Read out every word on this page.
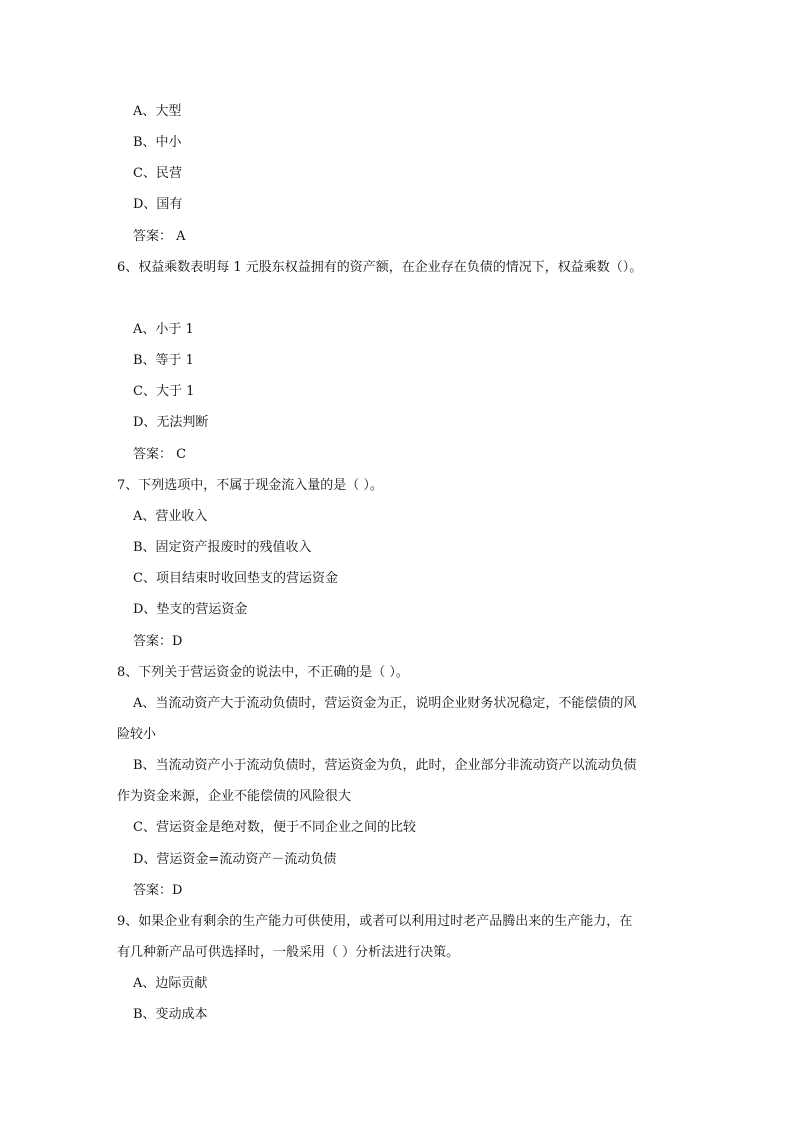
A、大型
B、中小
C、民营
D、国有
答案： A
6、权益乘数表明每 1 元股东权益拥有的资产额，在企业存在负债的情况下，权益乘数（）。
A、小于 1
B、等于 1
C、大于 1
D、无法判断
答案： C
7、下列选项中，不属于现金流入量的是（ ）。
A、营业收入
B、固定资产报废时的残值收入
C、项目结束时收回垫支的营运资金
D、垫支的营运资金
答案：D
8、下列关于营运资金的说法中，不正确的是（ ）。
A、当流动资产大于流动负债时，营运资金为正，说明企业财务状况稳定，不能偿债的风
险较小
B、当流动资产小于流动负债时，营运资金为负，此时，企业部分非流动资产以流动负债
作为资金来源，企业不能偿债的风险很大
C、营运资金是绝对数，便于不同企业之间的比较
D、营运资金=流动资产－流动负债
答案：D
9、如果企业有剩余的生产能力可供使用，或者可以利用过时老产品腾出来的生产能力，在
有几种新产品可供选择时，一般采用（ ）分析法进行决策。
A、边际贡献
B、变动成本
